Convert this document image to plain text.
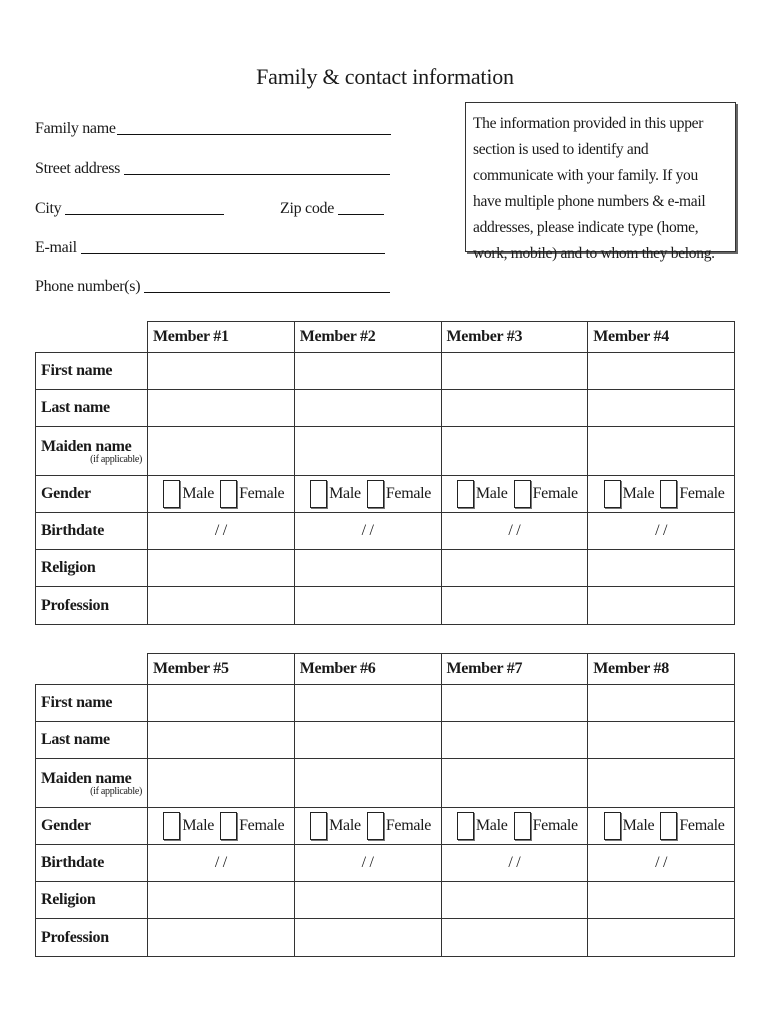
Family & contact information
Family name
Street address
City	Zip code
E-mail
Phone number(s)
The information provided in this upper section is used to identify and communicate with your family. If you have multiple phone numbers & e-mail addresses, please indicate type (home, work, mobile) and to whom they belong.
	Member #1	Member #2	Member #3	Member #4
First name				
Last name				
Maiden name
(if applicable)				

Gender	Male Female	Male Female	Male Female	Male Female

Birthdate	/ /	/ /	/ /	/ /
Religion				
Profession				
	Member #5	Member #6	Member #7	Member #8
First name				
Last name				
Maiden name
(if applicable)				

Gender	Male Female	Male Female	Male Female	Male Female

Birthdate	/ /	/ /	/ /	/ /
Religion				
Profession				
